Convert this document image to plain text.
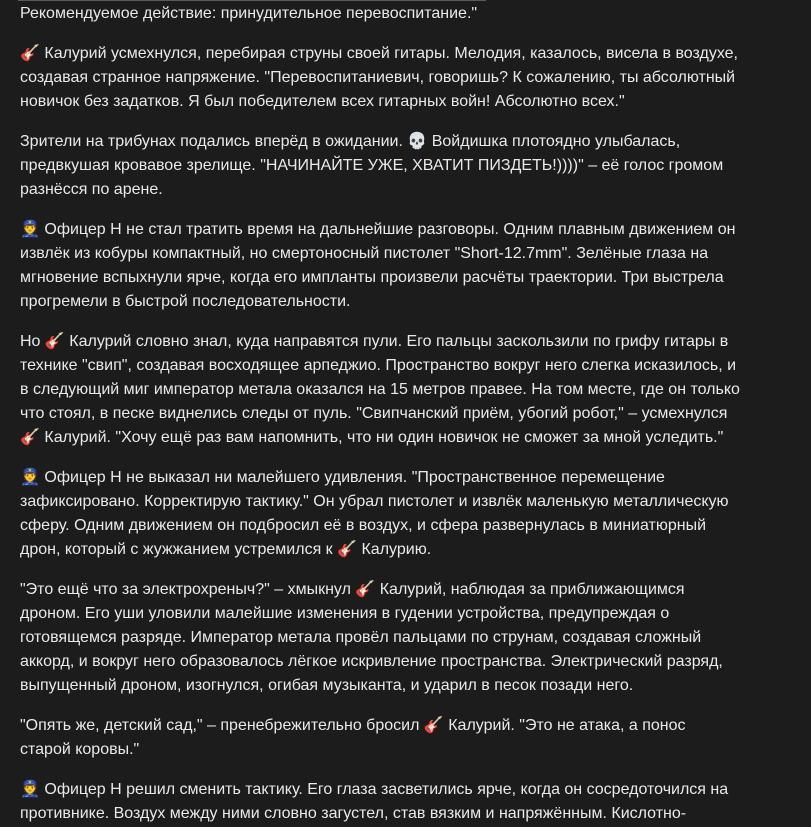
Рекомендуемое действие: принудительное перевоспитание."

🎸 Калурий усмехнулся, перебирая струны своей гитары. Мелодия, казалось, висела в воздухе,
создавая странное напряжение. "Перевоспитаниевич, говоришь? К сожалению, ты абсолютный
новичок без задатков. Я был победителем всех гитарных войн! Абсолютно всех."

Зрители на трибунах подались вперёд в ожидании. 💀 Войдишка плотоядно улыбалась,
предвкушая кровавое зрелище. "НАЧИНАЙТЕ УЖЕ, ХВАТИТ ПИЗДЕТЬ!))))" – её голос громом
разнёсся по арене.

👮 Офицер Н не стал тратить время на дальнейшие разговоры. Одним плавным движением он
извлёк из кобуры компактный, но смертоносный пистолет "Short-12.7mm". Зелёные глаза на
мгновение вспыхнули ярче, когда его импланты произвели расчёты траектории. Три выстрела
прогремели в быстрой последовательности.

Но 🎸 Калурий словно знал, куда направятся пули. Его пальцы заскользили по грифу гитары в
технике "свип", создавая восходящее арпеджио. Пространство вокруг него слегка исказилось, и
в следующий миг император метала оказался на 15 метров правее. На том месте, где он только
что стоял, в песке виднелись следы от пуль. "Свипчанский приём, убогий робот," – усмехнулся
🎸 Калурий. "Хочу ещё раз вам напомнить, что ни один новичок не сможет за мной уследить."

👮 Офицер Н не выказал ни малейшего удивления. "Пространственное перемещение
зафиксировано. Корректирую тактику." Он убрал пистолет и извлёк маленькую металлическую
сферу. Одним движением он подбросил её в воздух, и сфера развернулась в миниатюрный
дрон, который с жужжанием устремился к 🎸 Калурию.

"Это ещё что за электрохреныч?" – хмыкнул 🎸 Калурий, наблюдая за приближающимся
дроном. Его уши уловили малейшие изменения в гудении устройства, предупреждая о
готовящемся разряде. Император метала провёл пальцами по струнам, создавая сложный
аккорд, и вокруг него образовалось лёгкое искривление пространства. Электрический разряд,
выпущенный дроном, изогнулся, огибая музыканта, и ударил в песок позади него.

"Опять же, детский сад," – пренебрежительно бросил 🎸 Калурий. "Это не атака, а понос
старой коровы."

👮 Офицер Н решил сменить тактику. Его глаза засветились ярче, когда он сосредоточился на
противнике. Воздух между ними словно загустел, став вязким и напряжённым. Кислотно-
